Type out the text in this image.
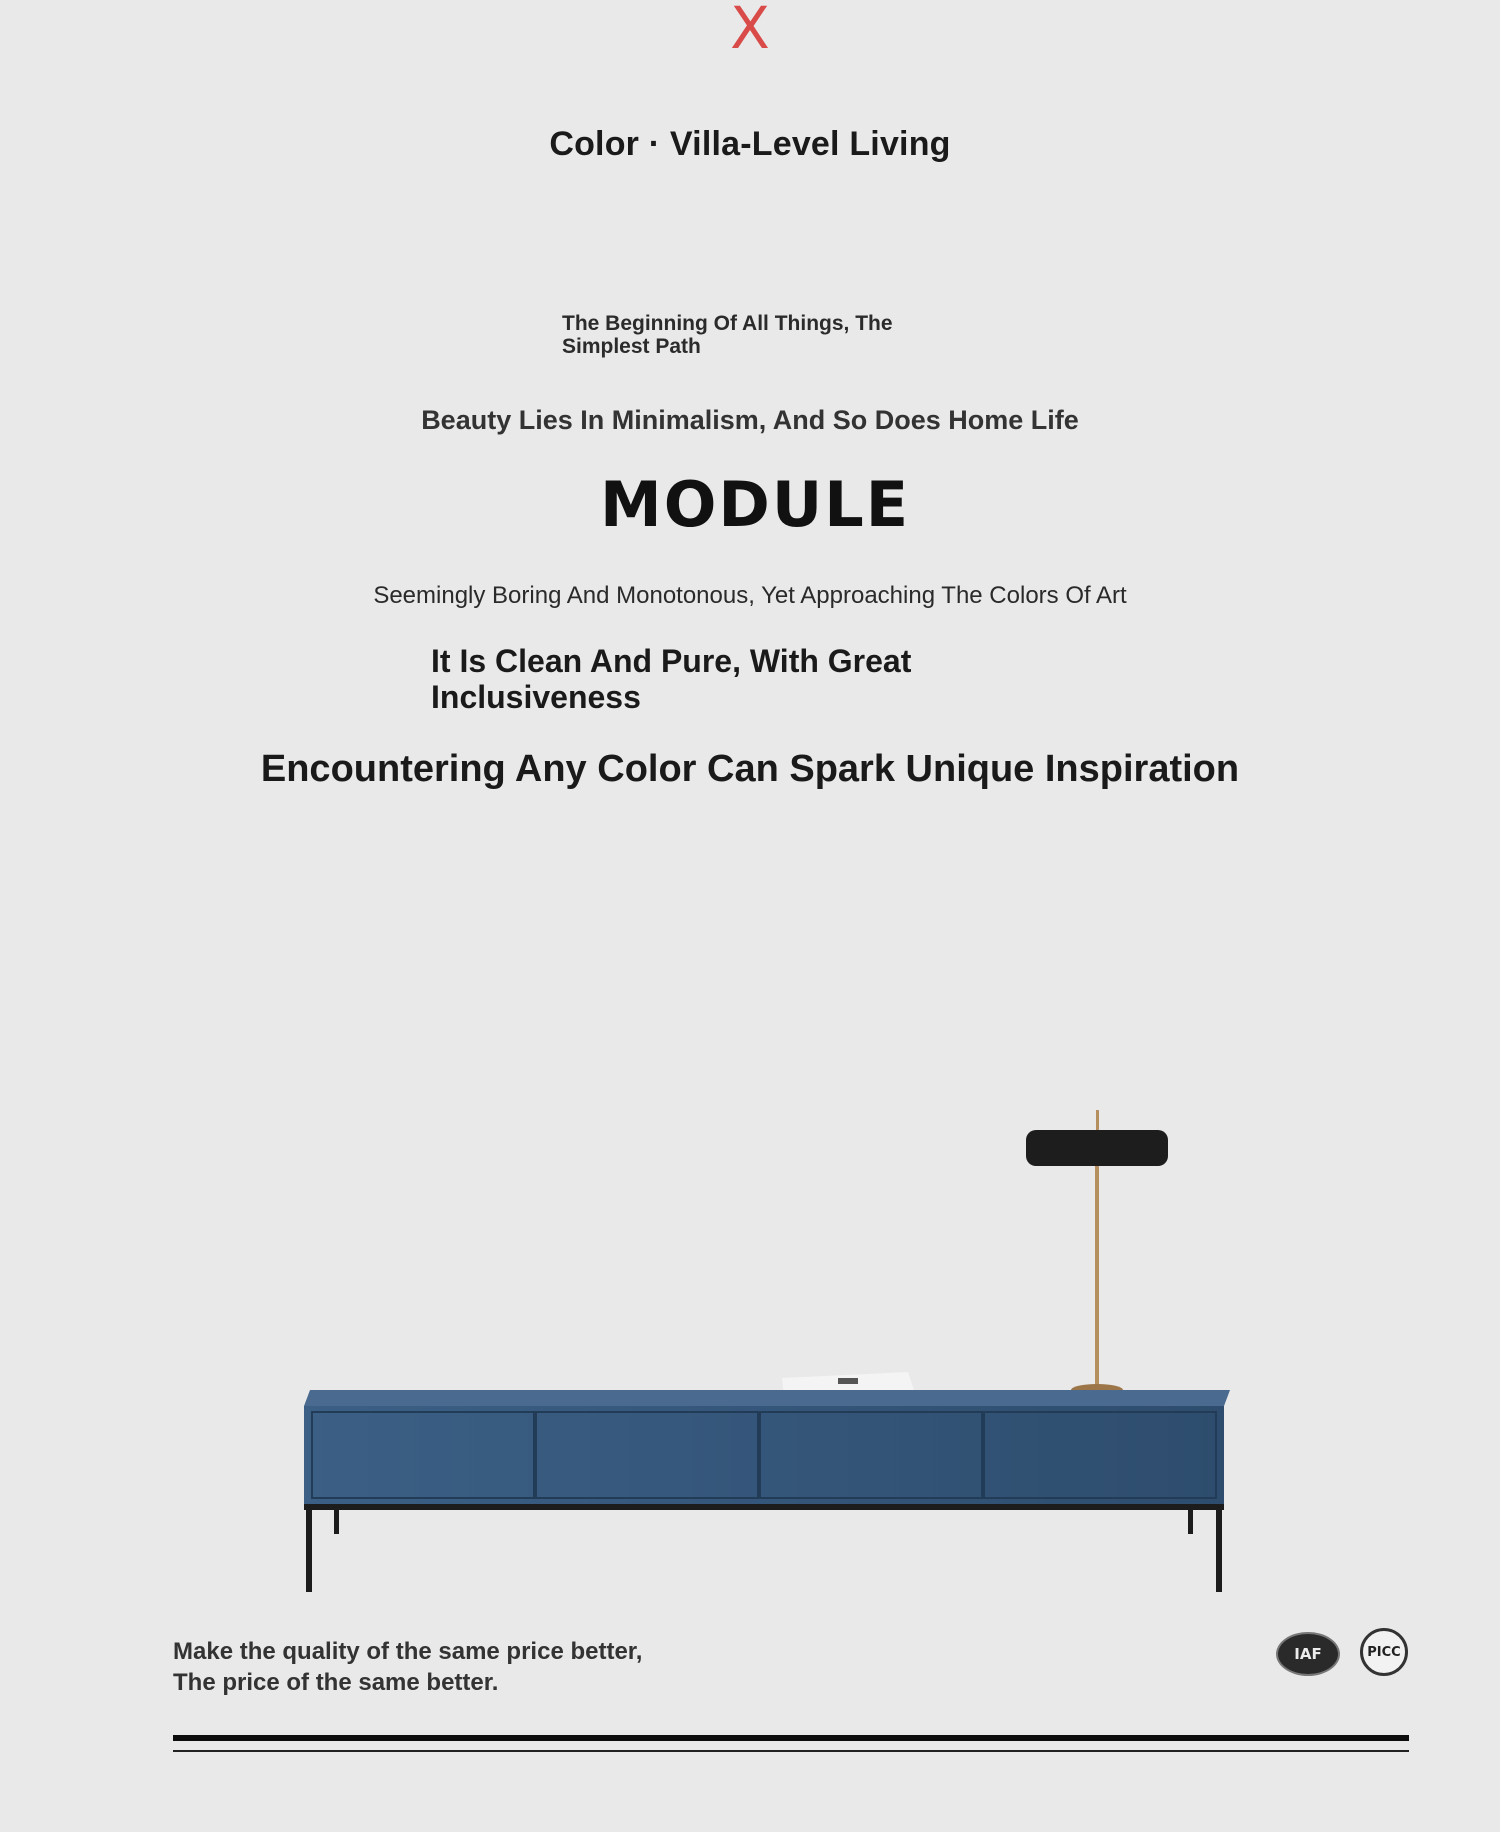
X
Color · Villa-Level Living
The Beginning Of All Things, The Simplest Path
Beauty Lies In Minimalism, And So Does Home Life
MODULE
Seemingly Boring And Monotonous, Yet Approaching The Colors Of Art
It Is Clean And Pure, With Great Inclusiveness
Encountering Any Color Can Spark Unique Inspiration
Make the quality of the same price better,
The price of the same better.
IAF	PICC
